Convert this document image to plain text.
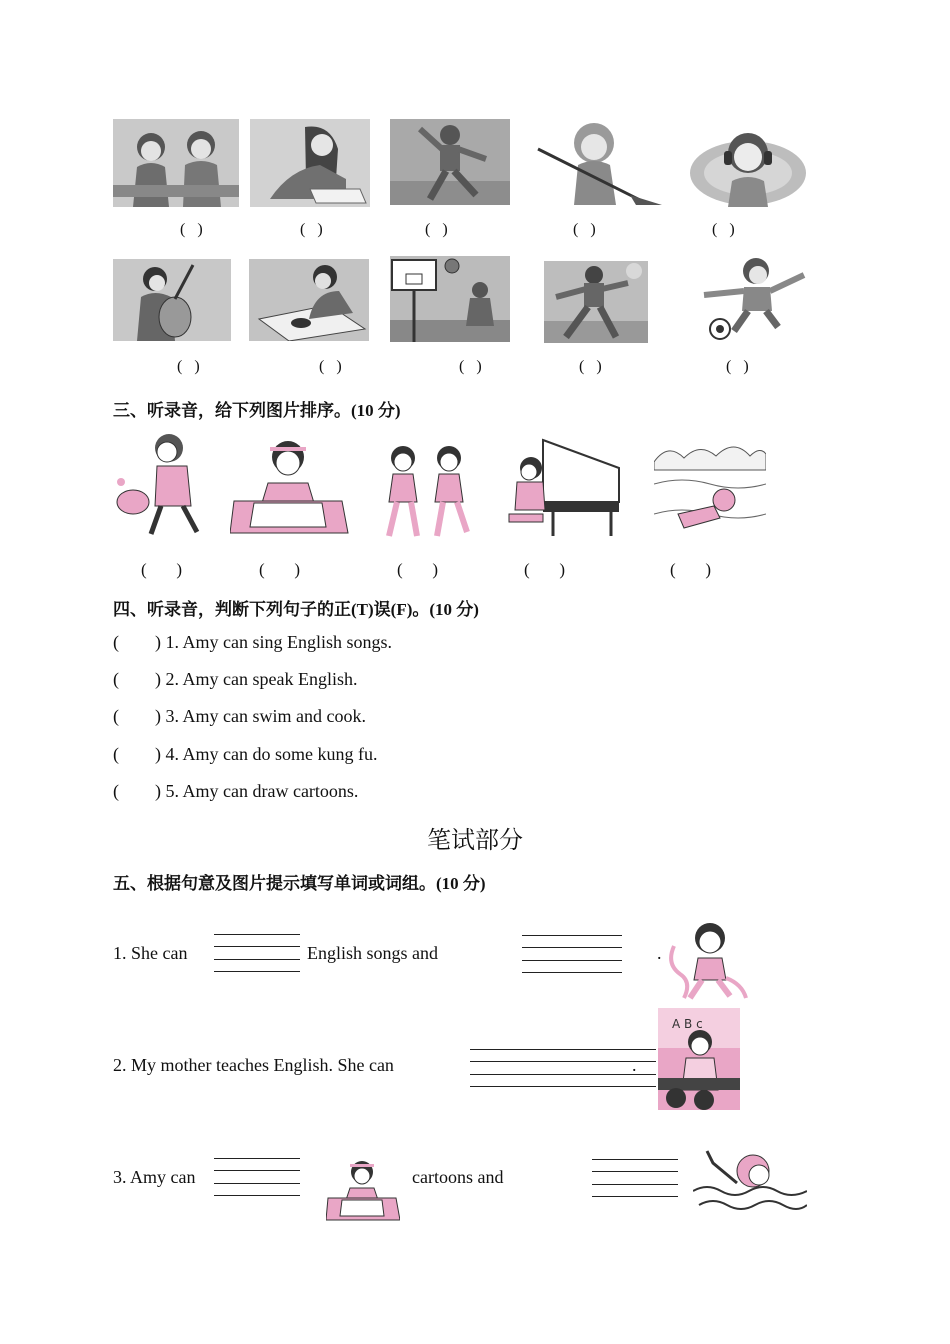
(   )	(   )	(   )	(   )	(   )
(   )	(   )	(   )	(   )	(   )
三、听录音，给下列图片排序。(10 分)
(       )	(       )	(       )	(       )	(       )
四、听录音，判断下列句子的正(T)误(F)。(10 分)
(        ) 1. Amy can sing English songs.
(        ) 2. Amy can speak English.
(        ) 3. Amy can swim and cook.
(        ) 4. Amy can do some kung fu.
(        ) 5. Amy can draw cartoons.
笔试部分
五、根据句意及图片提示填写单词或词组。(10 分)
1. She can	English songs and	.
2. My mother teaches English. She can	.
A B c
3. Amy can	cartoons and
